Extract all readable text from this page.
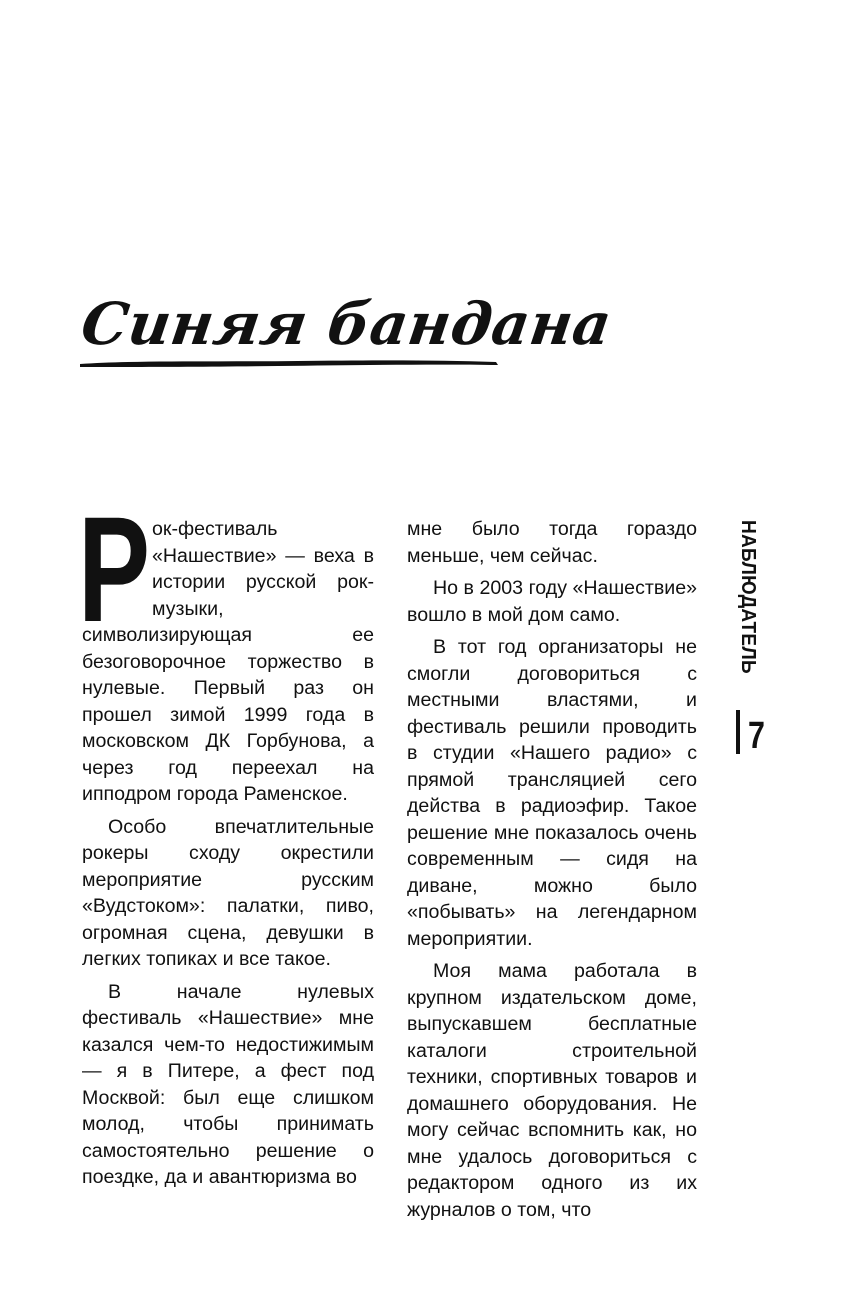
Синяя бандана

Рок-фестиваль «Нашествие» — веха в истории русской рок-музыки, символизирующая ее безоговорочное торжество в нулевые. Первый раз он прошел зимой 1999 года в московском ДК Горбунова, а через год переехал на ипподром города Раменское.

Особо впечатлительные рокеры сходу окрестили мероприятие русским «Вудстоком»: палатки, пиво, огромная сцена, девушки в легких топиках и все такое.

В начале нулевых фестиваль «Нашествие» мне казался чем-то недостижимым — я в Питере, а фест под Москвой: был еще слишком молод, чтобы принимать самостоятельно решение о поездке, да и авантюризма во

мне было тогда гораздо меньше, чем сейчас.

Но в 2003 году «Нашествие» вошло в мой дом само.

В тот год организаторы не смогли договориться с местными властями, и фестиваль решили проводить в студии «Нашего радио» с прямой трансляцией сего действа в радиоэфир. Такое решение мне показалось очень современным — сидя на диване, можно было «побывать» на легендарном мероприятии.

Моя мама работала в крупном издательском доме, выпускавшем бесплатные каталоги строительной техники, спортивных товаров и домашнего оборудования. Не могу сейчас вспомнить как, но мне удалось договориться с редактором одного из их журналов о том, что

НАБЛЮДАТЕЛЬ
7
